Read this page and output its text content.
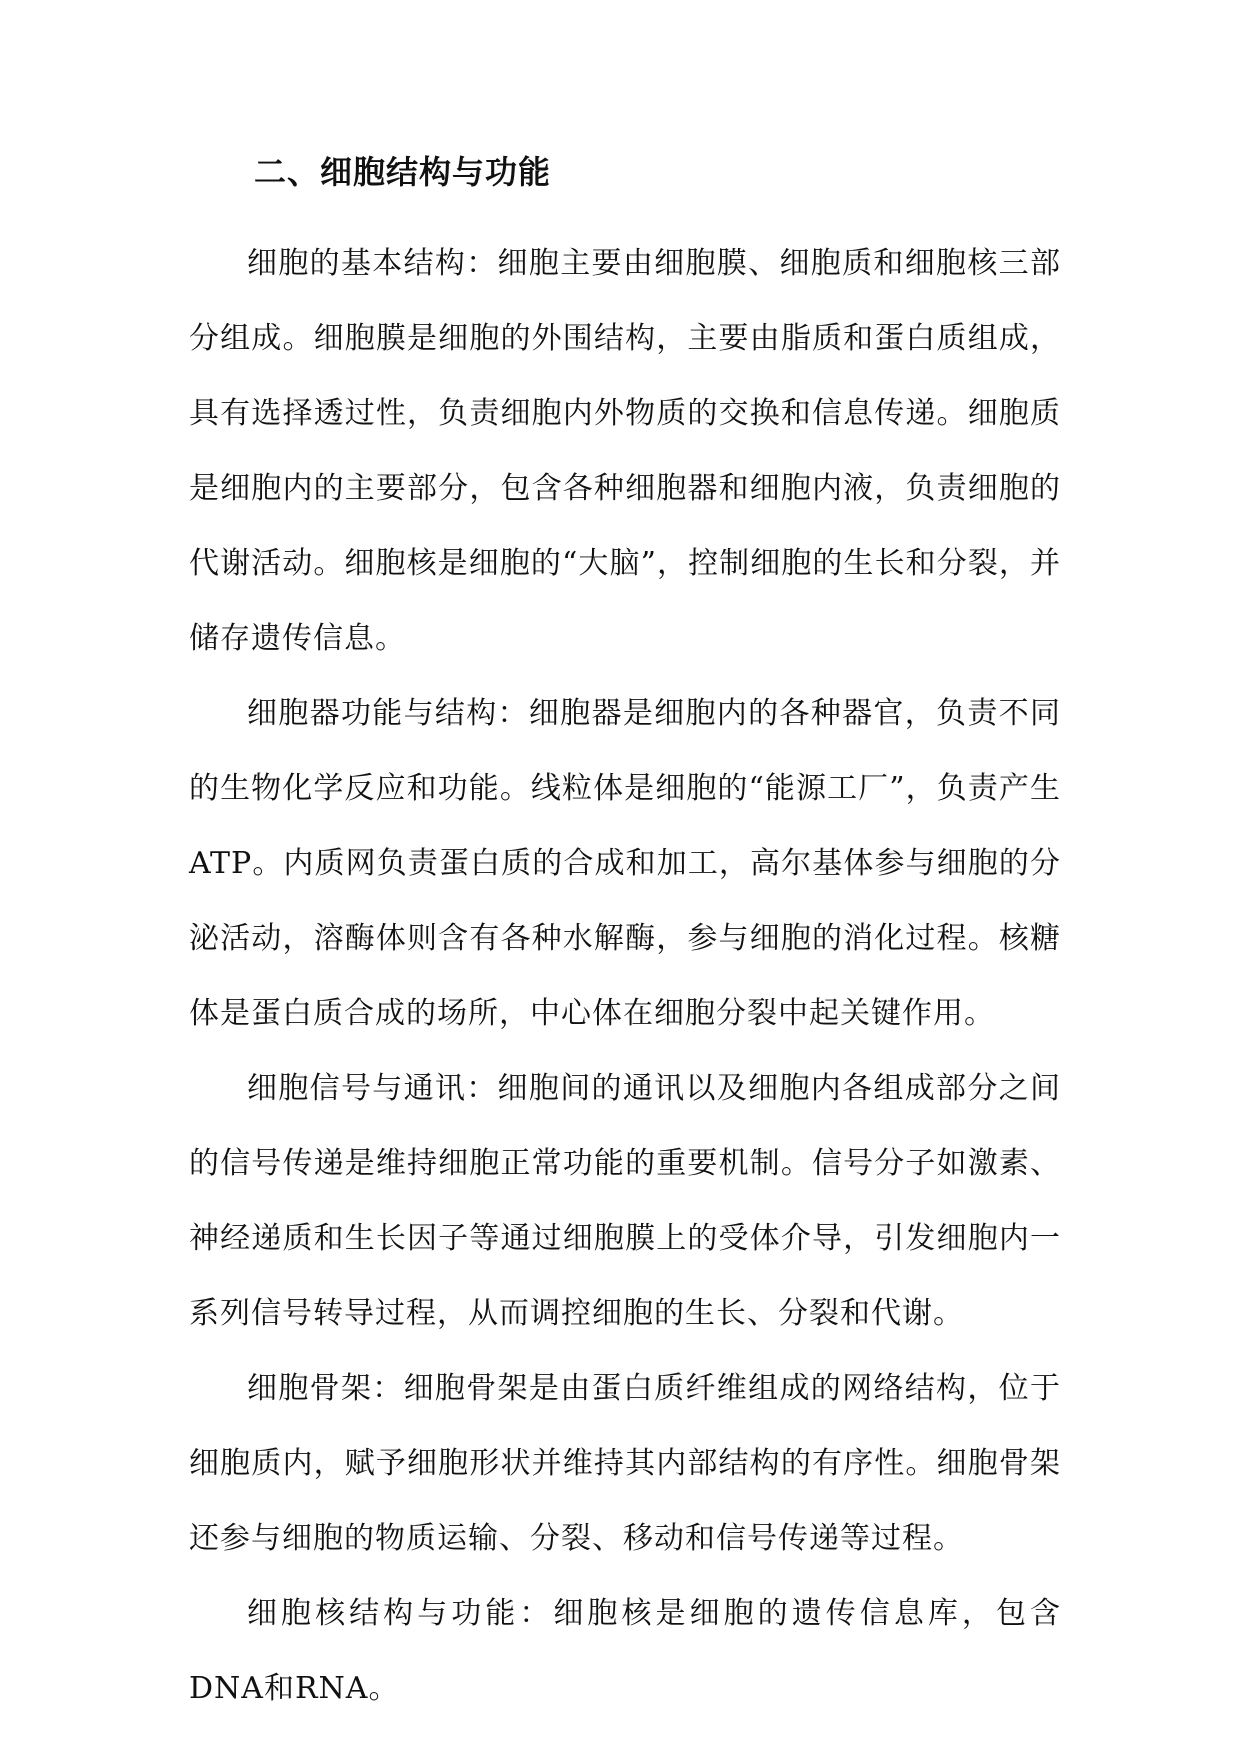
二、细胞结构与功能

细胞的基本结构：细胞主要由细胞膜、细胞质和细胞核三部分组成。细胞膜是细胞的外围结构，主要由脂质和蛋白质组成，具有选择透过性，负责细胞内外物质的交换和信息传递。细胞质是细胞内的主要部分，包含各种细胞器和细胞内液，负责细胞的代谢活动。细胞核是细胞的“大脑”，控制细胞的生长和分裂，并储存遗传信息。

细胞器功能与结构：细胞器是细胞内的各种器官，负责不同的生物化学反应和功能。线粒体是细胞的“能源工厂”，负责产生ATP。内质网负责蛋白质的合成和加工，高尔基体参与细胞的分泌活动，溶酶体则含有各种水解酶，参与细胞的消化过程。核糖体是蛋白质合成的场所，中心体在细胞分裂中起关键作用。

细胞信号与通讯：细胞间的通讯以及细胞内各组成部分之间的信号传递是维持细胞正常功能的重要机制。信号分子如激素、神经递质和生长因子等通过细胞膜上的受体介导，引发细胞内一系列信号转导过程，从而调控细胞的生长、分裂和代谢。

细胞骨架：细胞骨架是由蛋白质纤维组成的网络结构，位于细胞质内，赋予细胞形状并维持其内部结构的有序性。细胞骨架还参与细胞的物质运输、分裂、移动和信号传递等过程。

细胞核结构与功能：细胞核是细胞的遗传信息库，包含DNA和RNA。
